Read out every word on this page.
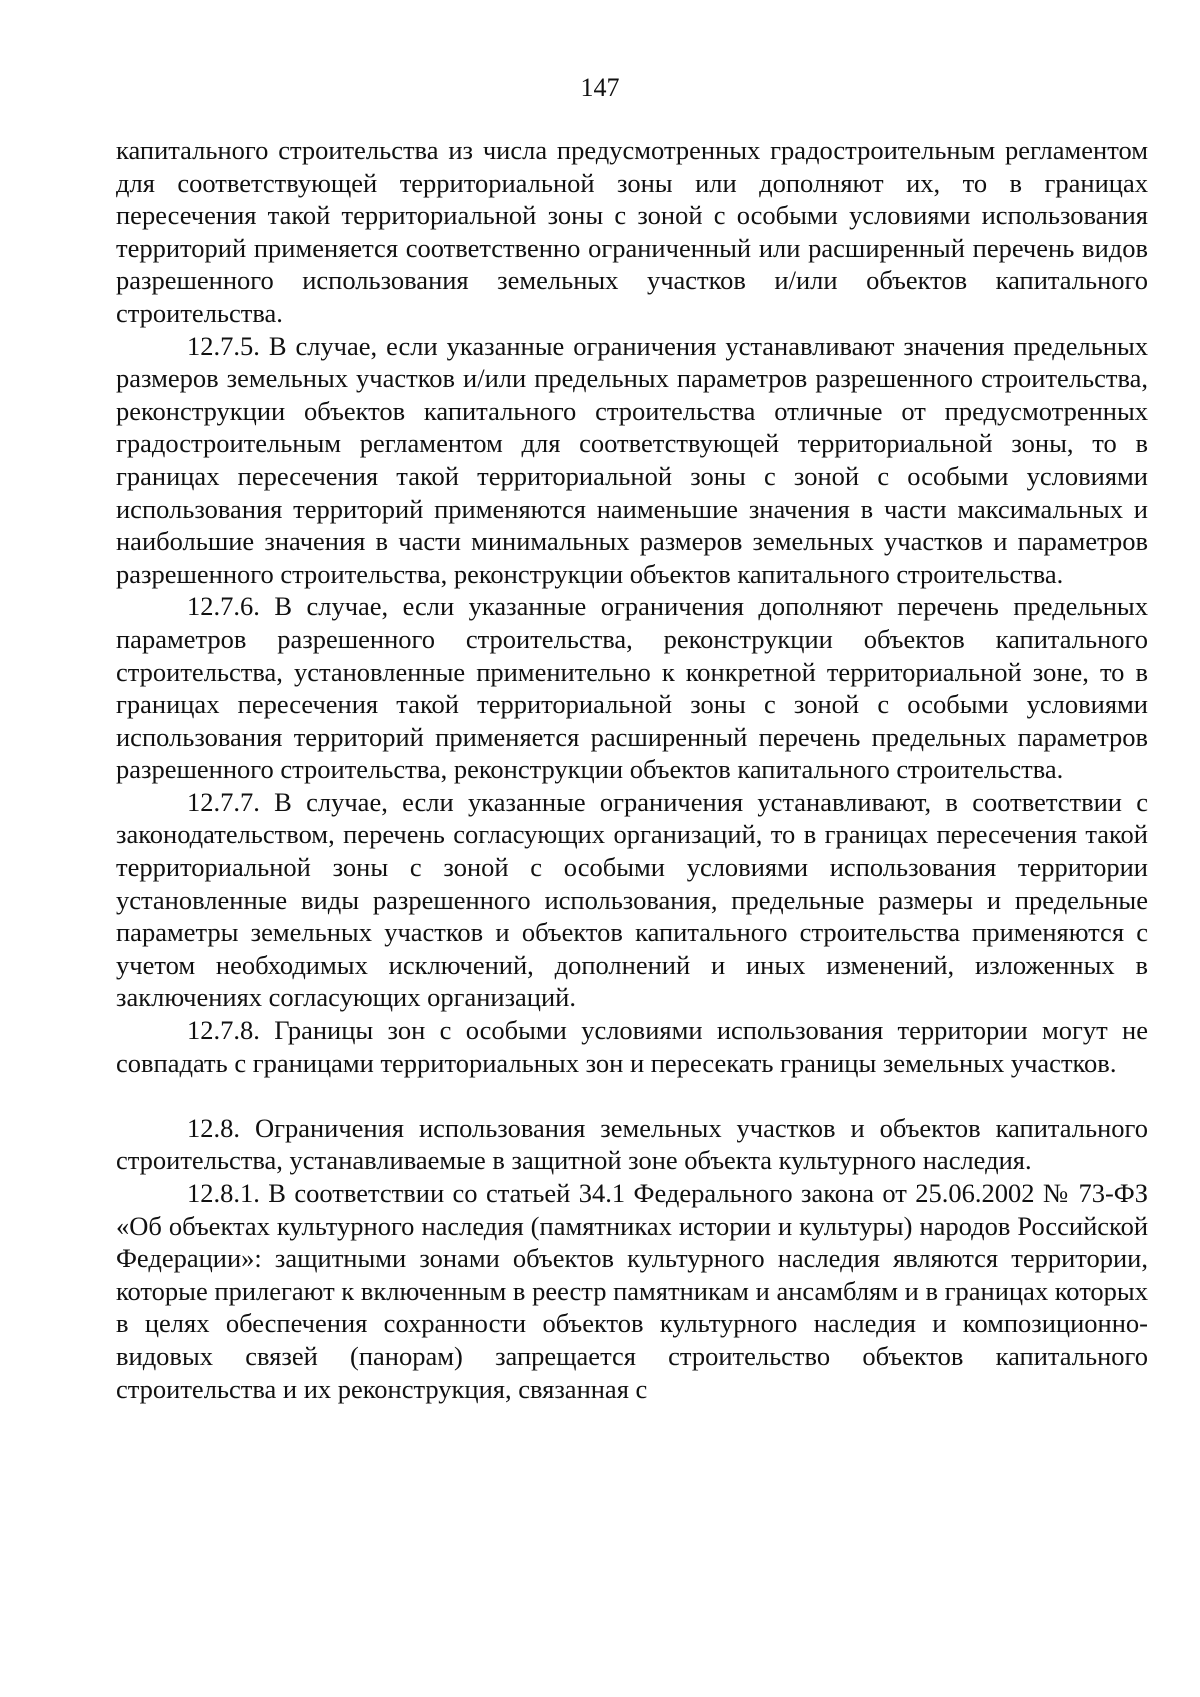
147

капитального строительства из числа предусмотренных градостроительным регламентом для соответствующей территориальной зоны или дополняют их, то в границах пересечения такой территориальной зоны с зоной с особыми условиями использования территорий применяется соответственно ограниченный или расширенный перечень видов разрешенного использования земельных участков и/или объектов капитального строительства.

12.7.5. В случае, если указанные ограничения устанавливают значения предельных размеров земельных участков и/или предельных параметров разрешенного строительства, реконструкции объектов капитального строительства отличные от предусмотренных градостроительным регламентом для соответствующей территориальной зоны, то в границах пересечения такой территориальной зоны с зоной с особыми условиями использования территорий применяются наименьшие значения в части максимальных и наибольшие значения в части минимальных размеров земельных участков и параметров разрешенного строительства, реконструкции объектов капитального строительства.

12.7.6. В случае, если указанные ограничения дополняют перечень предельных параметров разрешенного строительства, реконструкции объектов капитального строительства, установленные применительно к конкретной территориальной зоне, то в границах пересечения такой территориальной зоны с зоной с особыми условиями использования территорий применяется расширенный перечень предельных параметров разрешенного строительства, реконструкции объектов капитального строительства.

12.7.7. В случае, если указанные ограничения устанавливают, в соответствии с законодательством, перечень согласующих организаций, то в границах пересечения такой территориальной зоны с зоной с особыми условиями использования территории установленные виды разрешенного использования, предельные размеры и предельные параметры земельных участков и объектов капитального строительства применяются с учетом необходимых исключений, дополнений и иных изменений, изложенных в заключениях согласующих организаций.

12.7.8. Границы зон с особыми условиями использования территории могут не совпадать с границами территориальных зон и пересекать границы земельных участков.

12.8. Ограничения использования земельных участков и объектов капитального строительства, устанавливаемые в защитной зоне объекта культурного наследия.

12.8.1. В соответствии со статьей 34.1 Федерального закона от 25.06.2002 № 73-ФЗ «Об объектах культурного наследия (памятниках истории и культуры) народов Российской Федерации»: защитными зонами объектов культурного наследия являются территории, которые прилегают к включенным в реестр памятникам и ансамблям и в границах которых в целях обеспечения сохранности объектов культурного наследия и композиционно-видовых связей (панорам) запрещается строительство объектов капитального строительства и их реконструкция, связанная с
